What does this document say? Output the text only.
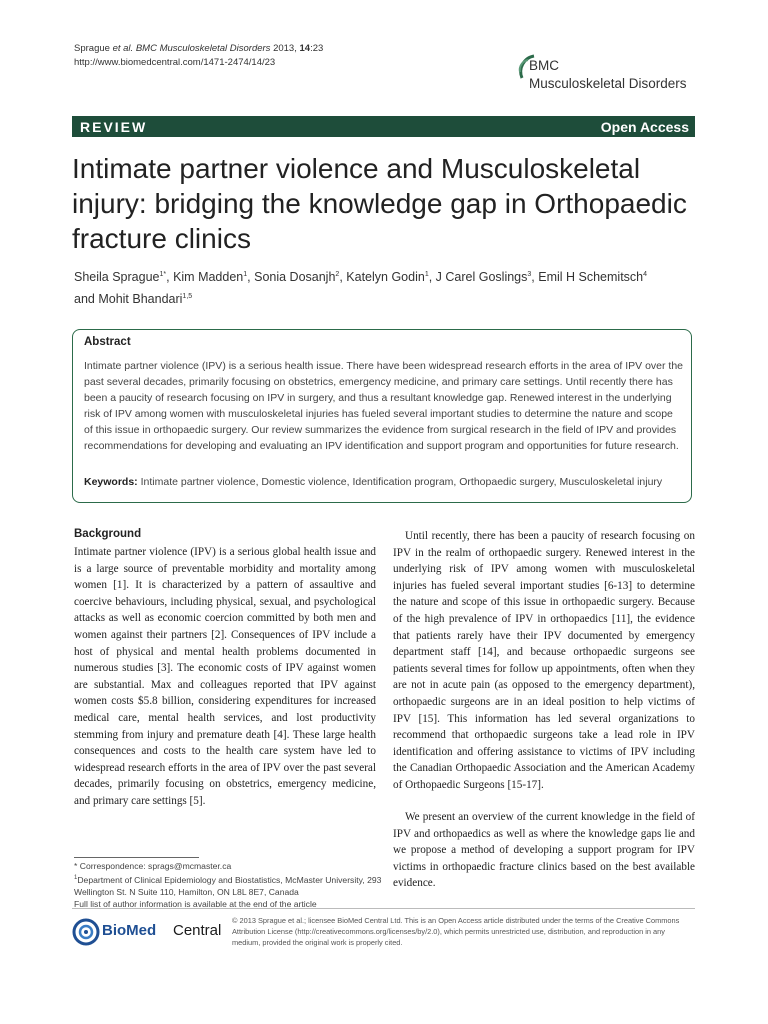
Sprague et al. BMC Musculoskeletal Disorders 2013, 14:23
http://www.biomedcentral.com/1471-2474/14/23	BMC
Musculoskeletal Disorders
REVIEW	Open Access
Intimate partner violence and Musculoskeletal injury: bridging the knowledge gap in Orthopaedic fracture clinics
Sheila Sprague$^{1*}$, Kim Madden$^1$, Sonia Dosanjh$^2$, Katelyn Godin$^1$, J Carel Goslings$^3$, Emil H Schemitsch$^4$
and Mohit Bhandari$^{1,5}$
Abstract

Intimate partner violence (IPV) is a serious health issue. There have been widespread research efforts in the area of IPV over the past several decades, primarily focusing on obstetrics, emergency medicine, and primary care settings. Until recently there has been a paucity of research focusing on IPV in surgery, and thus a resultant knowledge gap. Renewed interest in the underlying risk of IPV among women with musculoskeletal injuries has fueled several important studies to determine the nature and scope of this issue in orthopaedic surgery. Our review summarizes the evidence from surgical research in the field of IPV and provides recommendations for developing and evaluating an IPV identification and support program and opportunities for future research.

Keywords: Intimate partner violence, Domestic violence, Identification program, Orthopaedic surgery, Musculoskeletal injury

Background

Intimate partner violence (IPV) is a serious global health issue and is a large source of preventable morbidity and mortality among women [1]. It is characterized by a pattern of assaultive and coercive behaviours, including physical, sexual, and psychological attacks as well as economic coercion committed by both men and women against their partners [2]. Consequences of IPV include a host of physical and mental health problems documented in numerous studies [3]. The economic costs of IPV against women are substantial. Max and colleagues reported that IPV against women costs $5.8 billion, considering expenditures for increased medical care, mental health services, and lost productivity stemming from injury and premature death [4]. These large health consequences and costs to the health care system have led to widespread research efforts in the area of IPV over the past several decades, primarily focusing on obstetrics, emergency medicine, and primary care settings [5].

Until recently, there has been a paucity of research focusing on IPV in the realm of orthopaedic surgery. Renewed interest in the underlying risk of IPV among women with musculoskeletal injuries has fueled several important studies [6-13] to determine the nature and scope of this issue in orthopaedic surgery. Because of the high prevalence of IPV in orthopaedics [11], the evidence that patients rarely have their IPV documented by emergency department staff [14], and because orthopaedic surgeons see patients several times for follow up appointments, often when they are not in acute pain (as opposed to the emergency department), orthopaedic surgeons are in an ideal position to help victims of IPV [15]. This information has led several organizations to recommend that orthopaedic surgeons take a lead role in IPV identification and offering assistance to victims of IPV including the Canadian Orthopaedic Association and the American Academy of Orthopaedic Surgeons [15-17].

We present an overview of the current knowledge in the field of IPV and orthopaedics as well as where the knowledge gaps lie and we propose a method of developing a support program for IPV victims in orthopaedic fracture clinics based on the best available evidence.

* Correspondence: sprags@mcmaster.ca
$^1$Department of Clinical Epidemiology and Biostatistics, McMaster University, 293 Wellington St. N Suite 110, Hamilton, ON L8L 8E7, Canada
Full list of author information is available at the end of the article
BioMed Central
© 2013 Sprague et al.; licensee BioMed Central Ltd. This is an Open Access article distributed under the terms of the Creative Commons Attribution License (http://creativecommons.org/licenses/by/2.0), which permits unrestricted use, distribution, and reproduction in any medium, provided the original work is properly cited.
